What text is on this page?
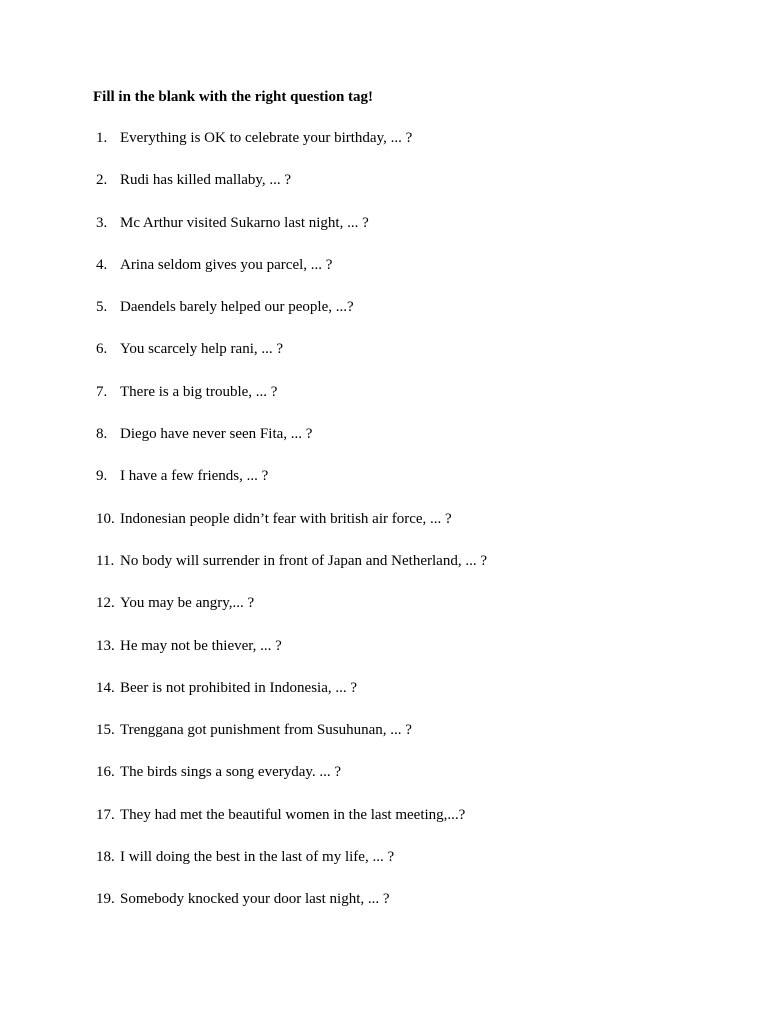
Fill in the blank with the right question tag!
1. Everything is OK to celebrate your birthday, ... ?
2. Rudi has killed mallaby, ... ?
3. Mc Arthur visited Sukarno last night, ... ?
4. Arina seldom gives you parcel, ... ?
5. Daendels barely helped our people, ...?
6. You scarcely help rani, ... ?
7. There is a big trouble, ... ?
8. Diego have never seen Fita, ... ?
9. I have a few friends, ... ?
10. Indonesian people didn’t fear with british air force, ... ?
11. No body will surrender in front of Japan and Netherland, ... ?
12. You may be angry,... ?
13. He may not be thiever, ... ?
14. Beer is not prohibited in Indonesia, ... ?
15. Trenggana got punishment from Susuhunan, ... ?
16. The birds sings a song everyday. ... ?
17. They had met the beautiful women in the last meeting,...?
18. I will doing the best in the last of my life, ... ?
19. Somebody knocked your door last night, ... ?
